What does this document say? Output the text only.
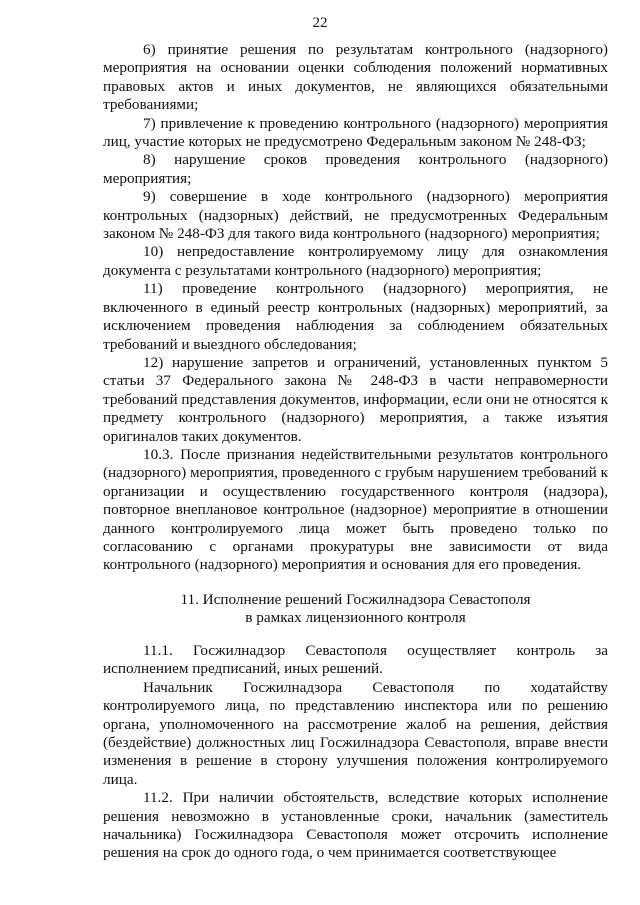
22

6) принятие решения по результатам контрольного (надзорного) мероприятия на основании оценки соблюдения положений нормативных правовых актов и иных документов, не являющихся обязательными требованиями;

7) привлечение к проведению контрольного (надзорного) мероприятия лиц, участие которых не предусмотрено Федеральным законом № 248-ФЗ;

8) нарушение сроков проведения контрольного (надзорного) мероприятия;

9) совершение в ходе контрольного (надзорного) мероприятия контрольных (надзорных) действий, не предусмотренных Федеральным законом № 248-ФЗ для такого вида контрольного (надзорного) мероприятия;

10) непредоставление контролируемому лицу для ознакомления документа с результатами контрольного (надзорного) мероприятия;

11) проведение контрольного (надзорного) мероприятия, не включенного в единый реестр контрольных (надзорных) мероприятий, за исключением проведения наблюдения за соблюдением обязательных требований и выездного обследования;

12) нарушение запретов и ограничений, установленных пунктом 5 статьи 37 Федерального закона № 248-ФЗ в части неправомерности требований представления документов, информации, если они не относятся к предмету контрольного (надзорного) мероприятия, а также изъятия оригиналов таких документов.

10.3. После признания недействительными результатов контрольного (надзорного) мероприятия, проведенного с грубым нарушением требований к организации и осуществлению государственного контроля (надзора), повторное внеплановое контрольное (надзорное) мероприятие в отношении данного контролируемого лица может быть проведено только по согласованию с органами прокуратуры вне зависимости от вида контрольного (надзорного) мероприятия и основания для его проведения.

11. Исполнение решений Госжилнадзора Севастополя

в рамках лицензионного контроля

11.1. Госжилнадзор Севастополя осуществляет контроль за исполнением предписаний, иных решений.

Начальник Госжилнадзора Севастополя по ходатайству контролируемого лица, по представлению инспектора или по решению органа, уполномоченного на рассмотрение жалоб на решения, действия (бездействие) должностных лиц Госжилнадзора Севастополя, вправе внести изменения в решение в сторону улучшения положения контролируемого лица.

11.2. При наличии обстоятельств, вследствие которых исполнение решения невозможно в установленные сроки, начальник (заместитель начальника) Госжилнадзора Севастополя может отсрочить исполнение решения на срок до одного года, о чем принимается соответствующее
